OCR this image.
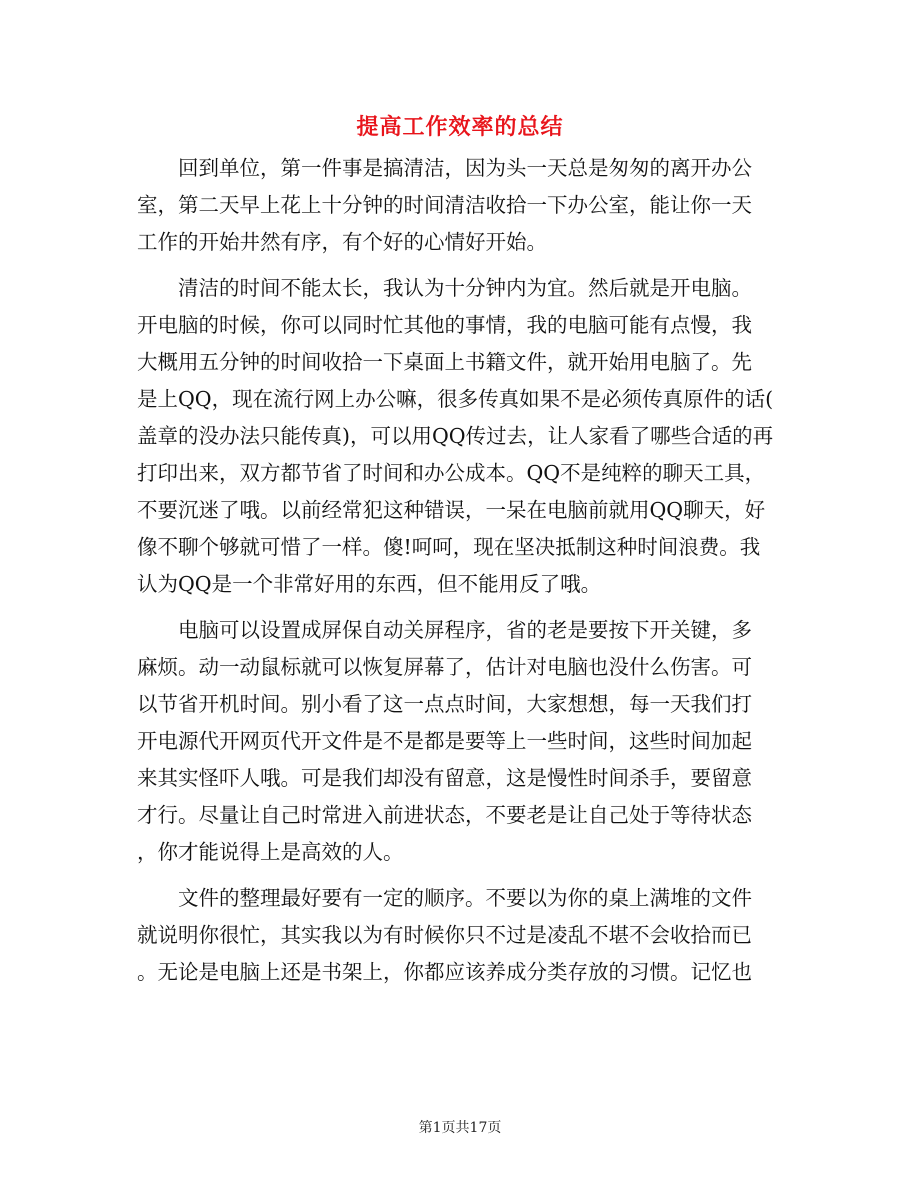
提高工作效率的总结
　　回到单位，第一件事是搞清洁，因为头一天总是匆匆的离开办公
室，第二天早上花上十分钟的时间清洁收拾一下办公室，能让你一天
工作的开始井然有序，有个好的心情好开始。
　　清洁的时间不能太长，我认为十分钟内为宜。然后就是开电脑。
开电脑的时候，你可以同时忙其他的事情，我的电脑可能有点慢，我
大概用五分钟的时间收拾一下桌面上书籍文件，就开始用电脑了。先
是上QQ，现在流行网上办公嘛，很多传真如果不是必须传真原件的话(
盖章的没办法只能传真)，可以用QQ传过去，让人家看了哪些合适的再
打印出来，双方都节省了时间和办公成本。QQ不是纯粹的聊天工具，
不要沉迷了哦。以前经常犯这种错误，一呆在电脑前就用QQ聊天，好
像不聊个够就可惜了一样。傻!呵呵，现在坚决抵制这种时间浪费。我
认为QQ是一个非常好用的东西，但不能用反了哦。
　　电脑可以设置成屏保自动关屏程序，省的老是要按下开关键，多
麻烦。动一动鼠标就可以恢复屏幕了，估计对电脑也没什么伤害。可
以节省开机时间。别小看了这一点点时间，大家想想，每一天我们打
开电源代开网页代开文件是不是都是要等上一些时间，这些时间加起
来其实怪吓人哦。可是我们却没有留意，这是慢性时间杀手，要留意
才行。尽量让自己时常进入前进状态，不要老是让自己处于等待状态
，你才能说得上是高效的人。
　　文件的整理最好要有一定的顺序。不要以为你的桌上满堆的文件
就说明你很忙，其实我以为有时候你只不过是凌乱不堪不会收拾而已
。无论是电脑上还是书架上，你都应该养成分类存放的习惯。记忆也
第1页共17页
